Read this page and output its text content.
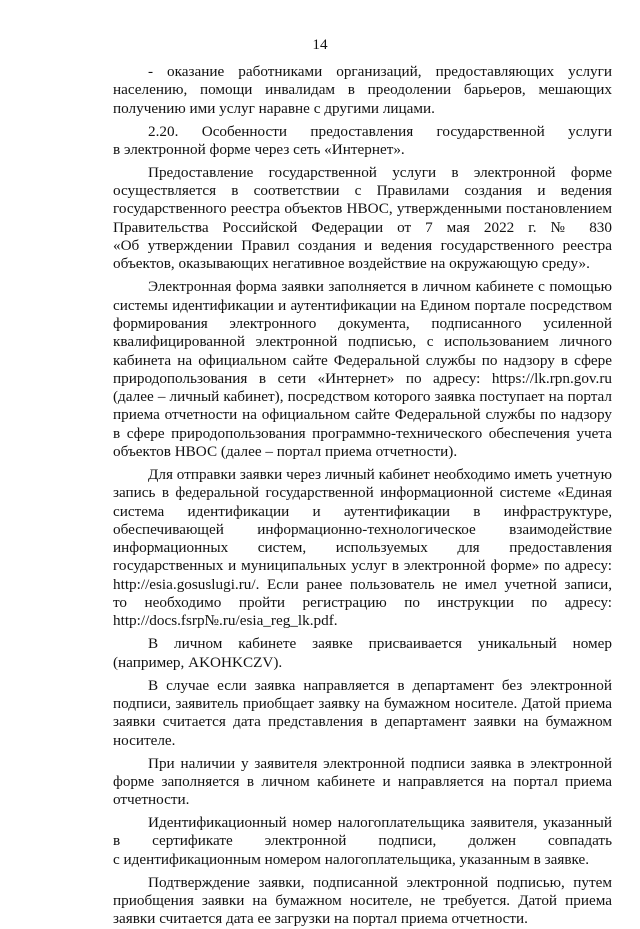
14
- оказание работниками организаций, предоставляющих услуги
населению, помощи инвалидам в преодолении барьеров, мешающих
получению ими услуг наравне с другими лицами.
2.20. Особенности предоставления государственной услуги
в электронной форме через сеть «Интернет».
Предоставление государственной услуги в электронной форме
осуществляется в соответствии с Правилами создания и ведения
государственного реестра объектов НВОС, утвержденными постановлением
Правительства Российской Федерации от 7 мая 2022 г. № 830
«Об утверждении Правил создания и ведения государственного реестра
объектов, оказывающих негативное воздействие на окружающую среду».
Электронная форма заявки заполняется в личном кабинете с помощью
системы идентификации и аутентификации на Едином портале посредством
формирования электронного документа, подписанного усиленной
квалифицированной электронной подписью, с использованием личного
кабинета на официальном сайте Федеральной службы по надзору в сфере
природопользования в сети «Интернет» по адресу: https://lk.rpn.gov.ru
(далее – личный кабинет), посредством которого заявка поступает на портал
приема отчетности на официальном сайте Федеральной службы по надзору
в сфере природопользования программно-технического обеспечения учета
объектов НВОС (далее – портал приема отчетности).
Для отправки заявки через личный кабинет необходимо иметь учетную
запись в федеральной государственной информационной системе «Единая
система идентификации и аутентификации в инфраструктуре,
обеспечивающей информационно-технологическое взаимодействие
информационных систем, используемых для предоставления
государственных и муниципальных услуг в электронной форме» по адресу:
http://esia.gosuslugi.ru/. Если ранее пользователь не имел учетной записи,
то необходимо пройти регистрацию по инструкции по адресу:
http://docs.fsrp№.ru/esia_reg_lk.pdf.
В личном кабинете заявке присваивается уникальный номер
(например, AKOHKCZV).
В случае если заявка направляется в департамент без электронной
подписи, заявитель приобщает заявку на бумажном носителе. Датой приема
заявки считается дата представления в департамент заявки на бумажном
носителе.
При наличии у заявителя электронной подписи заявка в электронной
форме заполняется в личном кабинете и направляется на портал приема
отчетности.
Идентификационный номер налогоплательщика заявителя, указанный
в сертификате электронной подписи, должен совпадать
с идентификационным номером налогоплательщика, указанным в заявке.
Подтверждение заявки, подписанной электронной подписью, путем
приобщения заявки на бумажном носителе, не требуется. Датой приема
заявки считается дата ее загрузки на портал приема отчетности.
